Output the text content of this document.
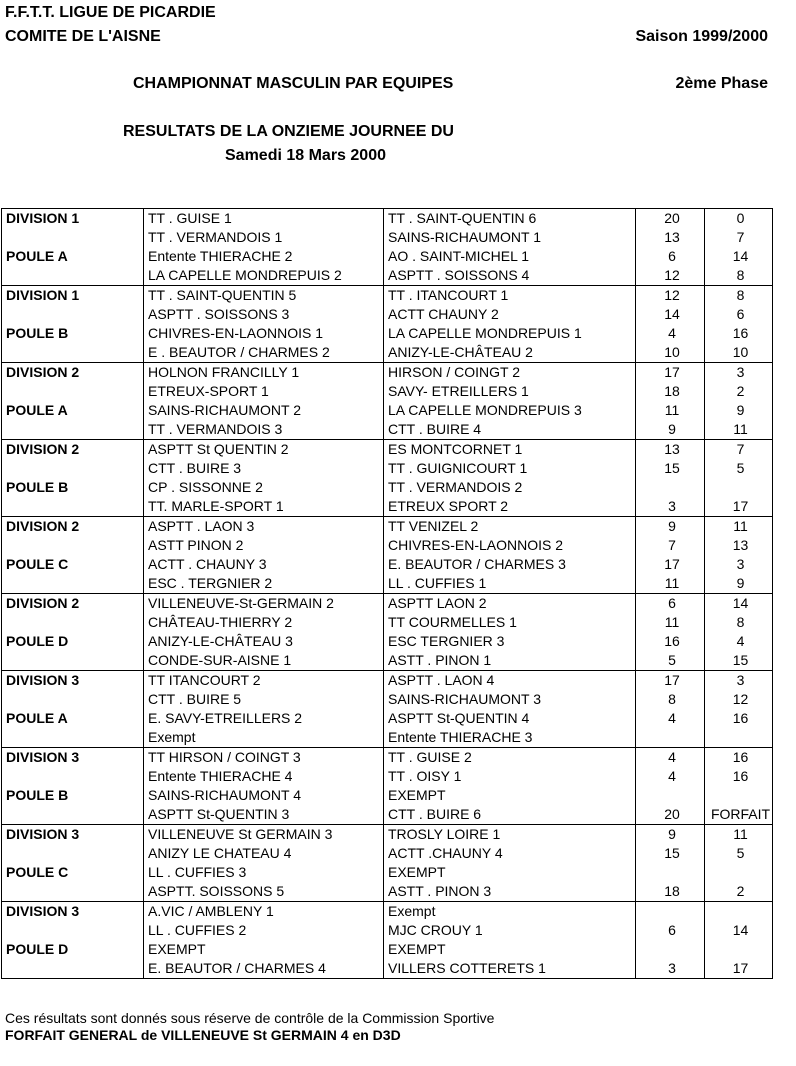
F.F.T.T. LIGUE DE PICARDIE
COMITE DE L'AISNE	Saison 1999/2000
CHAMPIONNAT MASCULIN PAR EQUIPES	2ème Phase
RESULTATS DE LA ONZIEME JOURNEE DU
Samedi 18 Mars 2000
DIVISION 1	TT . GUISE 1	TT . SAINT-QUENTIN 6	20	0
	TT . VERMANDOIS 1	SAINS-RICHAUMONT 1	13	7
POULE A	Entente THIERACHE 2	AO . SAINT-MICHEL 1	6	14
	LA CAPELLE MONDREPUIS 2	ASPTT . SOISSONS 4	12	8
DIVISION 1	TT . SAINT-QUENTIN 5	TT . ITANCOURT 1	12	8
	ASPTT . SOISSONS 3	ACTT CHAUNY 2	14	6
POULE B	CHIVRES-EN-LAONNOIS 1	LA CAPELLE MONDREPUIS 1	4	16
	E . BEAUTOR / CHARMES 2	ANIZY-LE-CHÂTEAU 2	10	10
DIVISION 2	HOLNON FRANCILLY 1	HIRSON / COINGT 2	17	3
	ETREUX-SPORT 1	SAVY- ETREILLERS 1	18	2
POULE A	SAINS-RICHAUMONT 2	LA CAPELLE MONDREPUIS 3	11	9
	TT . VERMANDOIS 3	CTT . BUIRE 4	9	11
DIVISION 2	ASPTT St QUENTIN 2	ES MONTCORNET 1	13	7
	CTT . BUIRE 3	TT . GUIGNICOURT 1	15	5
POULE B	CP . SISSONNE 2	TT . VERMANDOIS 2		
	TT. MARLE-SPORT 1	ETREUX SPORT 2	3	17
DIVISION 2	ASPTT . LAON 3	TT VENIZEL 2	9	11
	ASTT PINON 2	CHIVRES-EN-LAONNOIS 2	7	13
POULE C	ACTT . CHAUNY 3	E. BEAUTOR / CHARMES 3	17	3
	ESC . TERGNIER 2	LL . CUFFIES 1	11	9
DIVISION 2	VILLENEUVE-St-GERMAIN 2	ASPTT LAON 2	6	14
	CHÂTEAU-THIERRY 2	TT COURMELLES 1	11	8
POULE D	ANIZY-LE-CHÂTEAU 3	ESC TERGNIER 3	16	4
	CONDE-SUR-AISNE 1	ASTT . PINON 1	5	15
DIVISION 3	TT ITANCOURT 2	ASPTT . LAON 4	17	3
	CTT . BUIRE 5	SAINS-RICHAUMONT 3	8	12
POULE A	E. SAVY-ETREILLERS 2	ASPTT St-QUENTIN 4	4	16
	Exempt	Entente THIERACHE 3		
DIVISION 3	TT HIRSON / COINGT 3	TT . GUISE 2	4	16
	Entente THIERACHE 4	TT . OISY 1	4	16
POULE B	SAINS-RICHAUMONT 4	EXEMPT		
	ASPTT St-QUENTIN 3	CTT . BUIRE 6	20	FORFAIT
DIVISION 3	VILLENEUVE St GERMAIN 3	TROSLY LOIRE 1	9	11
	ANIZY LE CHATEAU 4	ACTT .CHAUNY 4	15	5
POULE C	LL . CUFFIES 3	EXEMPT		
	ASPTT. SOISSONS 5	ASTT . PINON 3	18	2
DIVISION 3	A.VIC / AMBLENY 1	Exempt		
	LL . CUFFIES 2	MJC CROUY 1	6	14
POULE D	EXEMPT	EXEMPT		
	E. BEAUTOR / CHARMES 4	VILLERS COTTERETS 1	3	17
Ces résultats sont donnés sous réserve de contrôle de la Commission Sportive
FORFAIT GENERAL de VILLENEUVE St GERMAIN 4 en D3D
